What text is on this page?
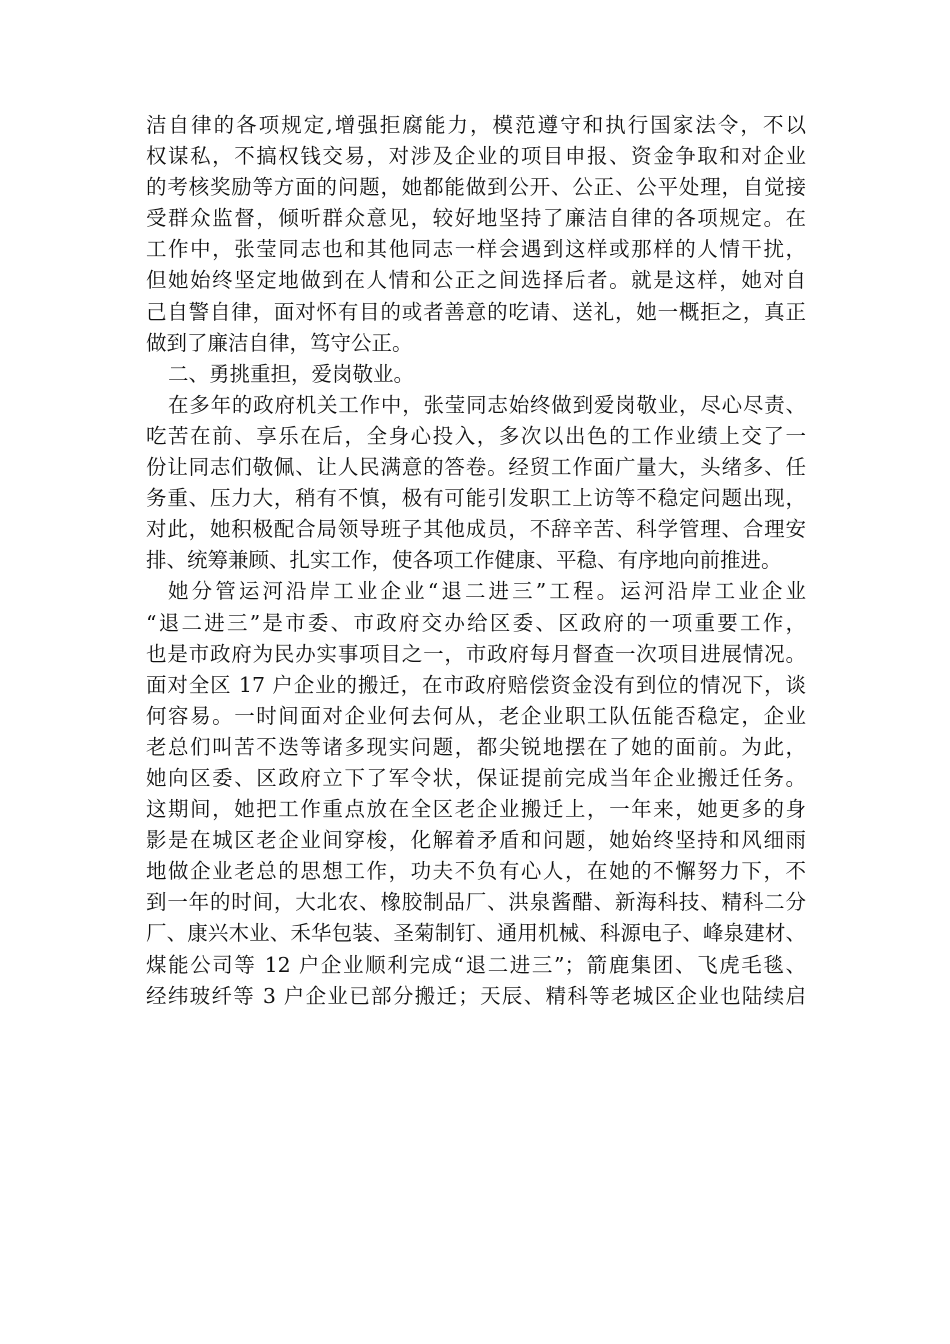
洁自律的各项规定,增强拒腐能力，模范遵守和执行国家法令，不以
权谋私，不搞权钱交易，对涉及企业的项目申报、资金争取和对企业
的考核奖励等方面的问题，她都能做到公开、公正、公平处理，自觉接
受群众监督，倾听群众意见，较好地坚持了廉洁自律的各项规定。在
工作中，张莹同志也和其他同志一样会遇到这样或那样的人情干扰，
但她始终坚定地做到在人情和公正之间选择后者。就是这样，她对自
己自警自律，面对怀有目的或者善意的吃请、送礼，她一概拒之，真正
做到了廉洁自律，笃守公正。
二、勇挑重担，爱岗敬业。
在多年的政府机关工作中，张莹同志始终做到爱岗敬业，尽心尽责、
吃苦在前、享乐在后，全身心投入，多次以出色的工作业绩上交了一
份让同志们敬佩、让人民满意的答卷。经贸工作面广量大，头绪多、任
务重、压力大，稍有不慎，极有可能引发职工上访等不稳定问题出现，
对此，她积极配合局领导班子其他成员，不辞辛苦、科学管理、合理安
排、统筹兼顾、扎实工作，使各项工作健康、平稳、有序地向前推进。
她分管运河沿岸工业企业“退二进三”工程。运河沿岸工业企业
“退二进三”是市委、市政府交办给区委、区政府的一项重要工作，
也是市政府为民办实事项目之一，市政府每月督查一次项目进展情况。
面对全区 17 户企业的搬迁，在市政府赔偿资金没有到位的情况下，谈
何容易。一时间面对企业何去何从，老企业职工队伍能否稳定，企业
老总们叫苦不迭等诸多现实问题，都尖锐地摆在了她的面前。为此，
她向区委、区政府立下了军令状，保证提前完成当年企业搬迁任务。
这期间，她把工作重点放在全区老企业搬迁上，一年来，她更多的身
影是在城区老企业间穿梭，化解着矛盾和问题，她始终坚持和风细雨
地做企业老总的思想工作，功夫不负有心人，在她的不懈努力下，不
到一年的时间，大北农、橡胶制品厂、洪泉酱醋、新海科技、精科二分
厂、康兴木业、禾华包装、圣菊制钉、通用机械、科源电子、峰泉建材、
煤能公司等 12 户企业顺利完成“退二进三”；箭鹿集团、飞虎毛毯、
经纬玻纤等 3 户企业已部分搬迁；天辰、精科等老城区企业也陆续启
